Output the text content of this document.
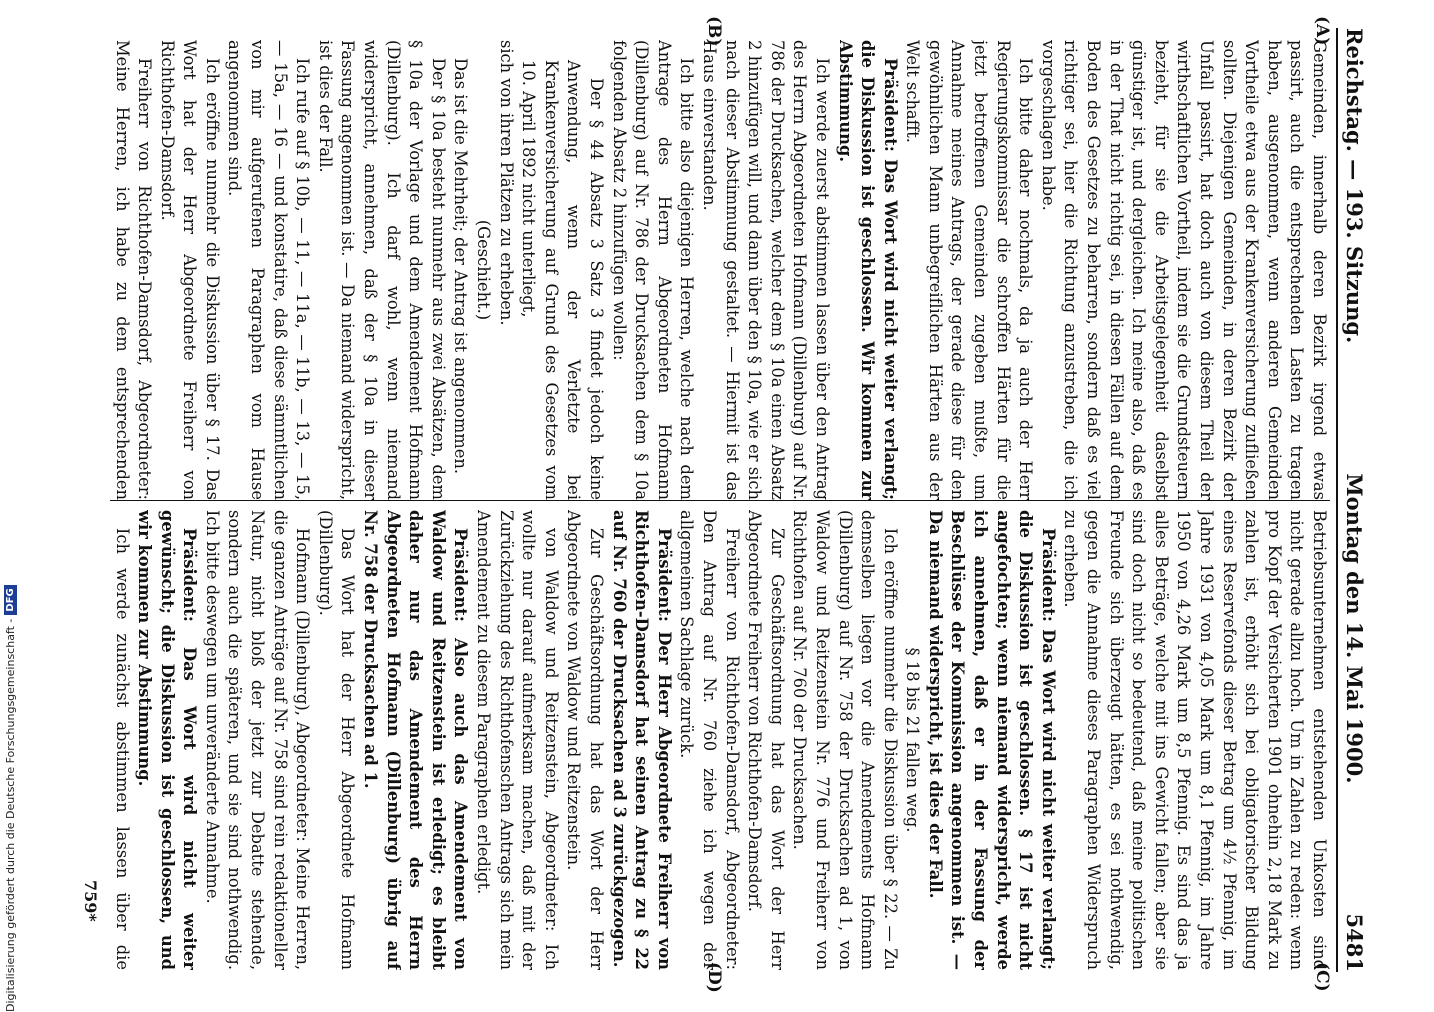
Reichstag. — 193. Sitzung.
Montag den 14. Mai 1900.
5481
(A)
(B)
(C)
(D)

Gemeinden, innerhalb deren Bezirk irgend etwas passirt, auch die entsprechenden Lasten zu tragen haben, ausgenommen, wenn anderen Gemeinden Vortheile etwa aus der Krankenversicherung zufließen sollten. Diejenigen Gemeinden, in deren Bezirk der Unfall passirt, hat doch auch von diesem Theil der wirthschaftlichen Vortheil, indem sie die Grundsteuern bezieht, für sie die Arbeitsgelegenheit daselbst günstiger ist, und dergleichen. Ich meine also, daß es in der That nicht richtig sei, in diesen Fällen auf dem Boden des Gesetzes zu beharren, sondern daß es viel richtiger sei, hier die Richtung anzustreben, die ich vorgeschlagen habe.

Ich bitte daher nochmals, da ja auch der Herr Regierungskommissar die schroffen Härten für die jetzt betroffenen Gemeinden zugeben mußte, um Annahme meines Antrags, der gerade diese für den gewöhnlichen Mann unbegreiflichen Härten aus der Welt schafft.

Präsident: Das Wort wird nicht weiter verlangt; die Diskussion ist geschlossen. Wir kommen zur Abstimmung.

Ich werde zuerst abstimmen lassen über den Antrag des Herrn Abgeordneten Hofmann (Dillenburg) auf Nr. 786 der Drucksachen, welcher dem § 10a einen Absatz 2 hinzufügen will, und dann über den § 10a, wie er sich nach dieser Abstimmung gestaltet. — Hiermit ist das Haus einverstanden.

Ich bitte also diejenigen Herren, welche nach dem Antrage des Herrn Abgeordneten Hofmann (Dillenburg) auf Nr. 786 der Drucksachen dem § 10a folgenden Absatz 2 hinzufügen wollen:

Der § 44 Absatz 3 Satz 3 findet jedoch keine Anwendung, wenn der Verletzte bei Krankenversicherung auf Grund des Gesetzes vom 10. April 1892 nicht unterliegt,

sich von ihren Plätzen zu erheben.

(Geschieht.)

Das ist die Mehrheit; der Antrag ist angenommen.

Der § 10a besteht nunmehr aus zwei Absätzen, dem § 10a der Vorlage und dem Amendement Hofmann (Dillenburg). Ich darf wohl, wenn niemand widerspricht, annehmen, daß der § 10a in dieser Fassung angenommen ist. — Da niemand widerspricht, ist dies der Fall.

Ich rufe auf § 10b, — 11, — 11a, — 11b, — 13, — 15, — 15a, — 16 — und konstatire, daß diese sämmtlichen von mir aufgerufenen Paragraphen vom Hause angenommen sind.

Ich eröffne nunmehr die Diskussion über § 17. Das Wort hat der Herr Abgeordnete Freiherr von Richthofen-Damsdorf.

Freiherr von Richthofen-Damsdorf, Abgeordneter: Meine Herren, ich habe zu dem entsprechenden

Betriebsunternehmen entstehenden Unkosten sind nicht gerade allzu hoch. Um in Zahlen zu reden: wenn pro Kopf der Versicherten 1901 ohnehin 2,18 Mark zu zahlen ist, erhöht sich bei obligatorischer Bildung eines Reservefonds dieser Betrag um 4½ Pfennig, im Jahre 1931 von 4,05 Mark um 8,1 Pfennig, im Jahre 1950 von 4,26 Mark um 8,5 Pfennig. Es sind das ja alles Beträge, welche mit ins Gewicht fallen; aber sie sind doch nicht so bedeutend, daß meine politischen Freunde sich überzeugt hätten, es sei nothwendig, gegen die Annahme dieses Paragraphen Widerspruch zu erheben.

Präsident: Das Wort wird nicht weiter verlangt; die Diskussion ist geschlossen. § 17 ist nicht angefochten; wenn niemand widerspricht, werde ich annehmen, daß er in der Fassung der Beschlüsse der Kommission angenommen ist. — Da niemand widerspricht, ist dies der Fall.

§ 18 bis 21 fallen weg.

Ich eröffne nunmehr die Diskussion über § 22. — Zu demselben liegen vor die Amendements Hofmann (Dillenburg) auf Nr. 758 der Drucksachen ad 1, von Waldow und Reitzenstein Nr. 776 und Freiherr von Richthofen auf Nr. 760 der Drucksachen.

Zur Geschäftsordnung hat das Wort der Herr Abgeordnete Freiherr von Richthofen-Damsdorf.

Freiherr von Richthofen-Damsdorf, Abgeordneter: Den Antrag auf Nr. 760 ziehe ich wegen der allgemeinen Sachlage zurück.

Präsident: Der Herr Abgeordnete Freiherr von Richthofen-Damsdorf hat seinen Antrag zu § 22 auf Nr. 760 der Drucksachen ad 3 zurückgezogen.

Zur Geschäftsordnung hat das Wort der Herr Abgeordnete von Waldow und Reitzenstein.

von Waldow und Reitzenstein, Abgeordneter: Ich wollte nur darauf aufmerksam machen, daß mit der Zurückziehung des Richthofenschen Antrags sich mein Amendement zu diesem Paragraphen erledigt.

Präsident: Also auch das Amendement von Waldow und Reitzenstein ist erledigt; es bleibt daher nur das Amendement des Herrn Abgeordneten Hofmann (Dillenburg) übrig auf Nr. 758 der Drucksachen ad 1.

Das Wort hat der Herr Abgeordnete Hofmann (Dillenburg).

Hofmann (Dillenburg), Abgeordneter: Meine Herren, die ganzen Anträge auf Nr. 758 sind rein redaktioneller Natur, nicht bloß der jetzt zur Debatte stehende, sondern auch die späteren, und sie sind nothwendig. Ich bitte deswegen um unveränderte Annahme.

Präsident: Das Wort wird nicht weiter gewünscht; die Diskussion ist geschlossen, und wir kommen zur Abstimmung.

Ich werde zunächst abstimmen lassen über die

759*
Digitalisierung gefördert durch die Deutsche Forschungsgemeinschaft -
DFG
